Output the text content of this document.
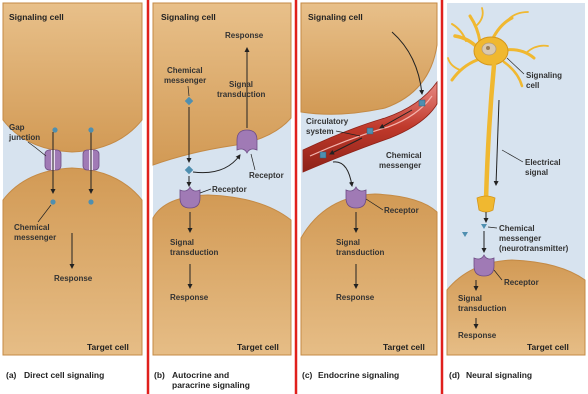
Signaling cell
Gap
junction
Chemical
messenger
Response
Target cell
(a) Direct cell signaling
Signaling cell
Response
Chemical
messenger	Signal
transduction
Receptor
Receptor
Signal
transduction
Response
Target cell
(b) Autocrine and
paracrine signaling
Signaling cell
Circulatory
system
Chemical
messenger
Receptor
Signal
transduction
Response
Target cell
(c) Endocrine signaling
Signaling
cell
Electrical
signal
Chemical
messenger
(neurotransmitter)
Receptor
Signal
transduction
Response
Target cell
(d) Neural signaling
